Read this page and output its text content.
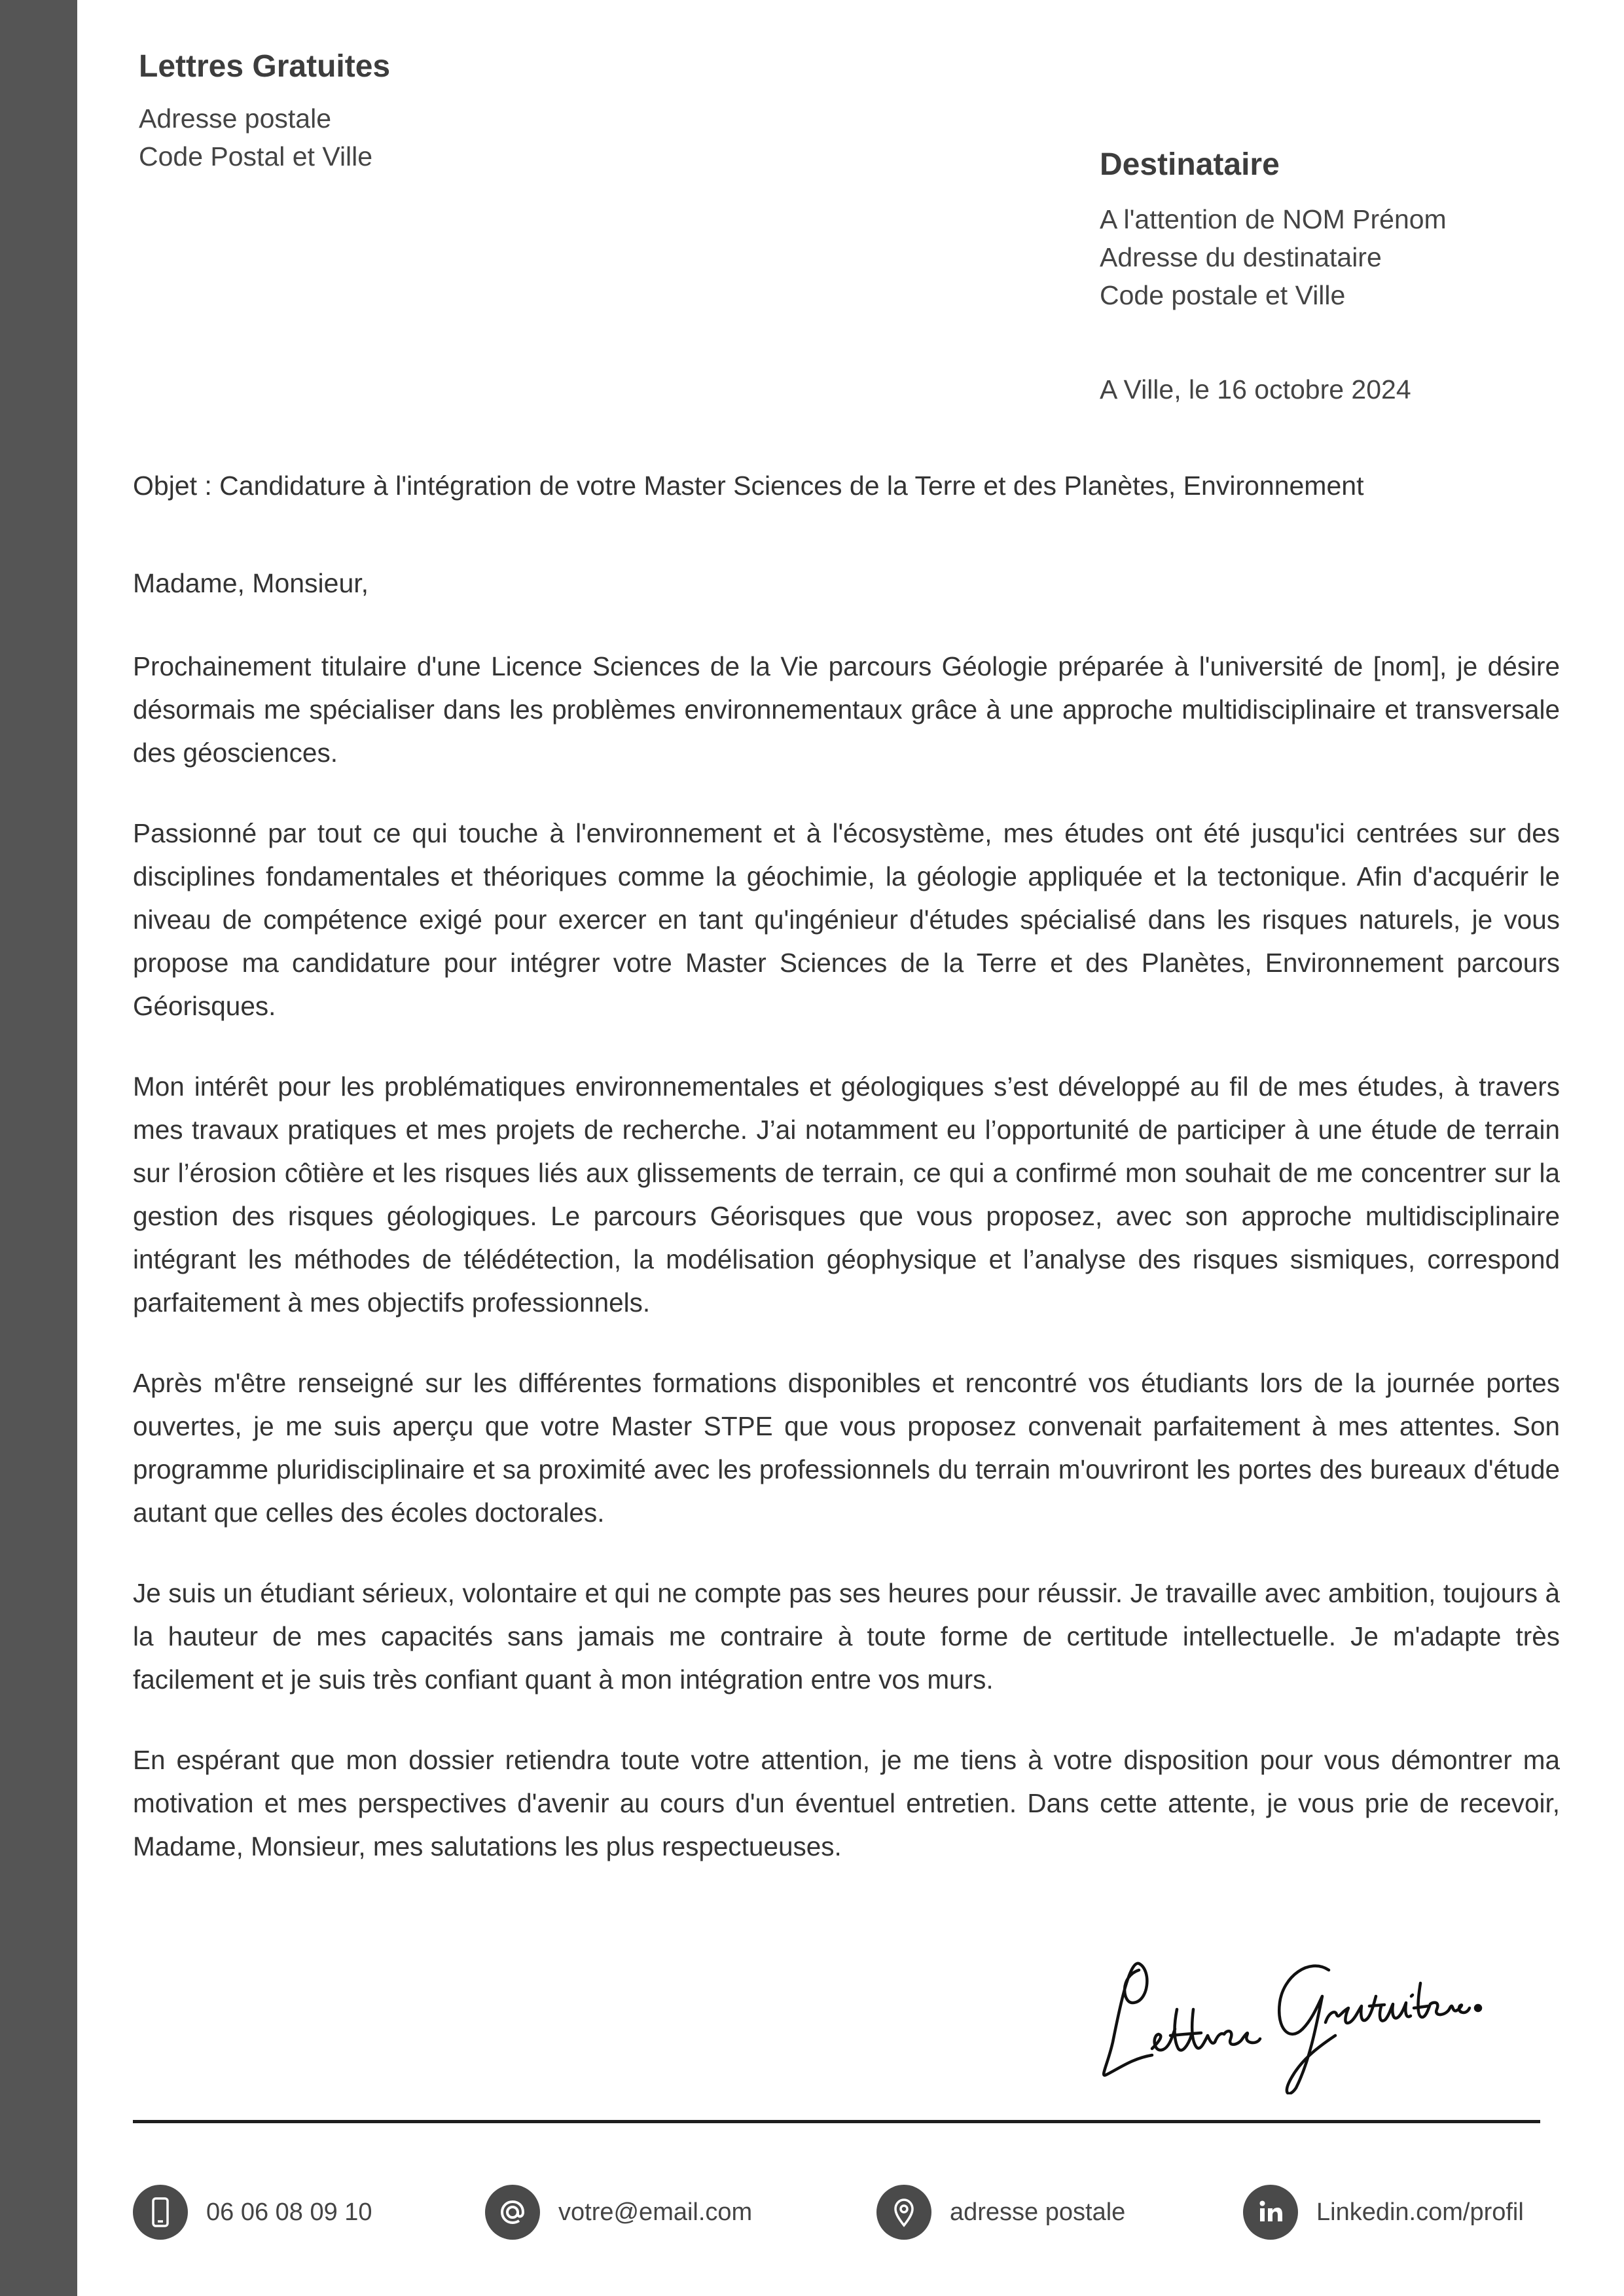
Lettres Gratuites
Adresse postale
Code Postal et Ville	Destinataire
A l'attention de NOM Prénom
Adresse du destinataire
Code postale et Ville
A Ville, le 16 octobre 2024
Objet : Candidature à l'intégration de votre Master Sciences de la Terre et des Planètes, Environnement
Madame, Monsieur,

Prochainement titulaire d'une Licence Sciences de la Vie parcours Géologie préparée à l'université de [nom], je désire désormais me spécialiser dans les problèmes environnementaux grâce à une approche multidisciplinaire et transversale des géosciences.

Passionné par tout ce qui touche à l'environnement et à l'écosystème, mes études ont été jusqu'ici centrées sur des disciplines fondamentales et théoriques comme la géochimie, la géologie appliquée et la tectonique. Afin d'acquérir le niveau de compétence exigé pour exercer en tant qu'ingénieur d'études spécialisé dans les risques naturels, je vous propose ma candidature pour intégrer votre Master Sciences de la Terre et des Planètes, Environnement parcours Géorisques.

Mon intérêt pour les problématiques environnementales et géologiques s’est développé au fil de mes études, à travers mes travaux pratiques et mes projets de recherche. J’ai notamment eu l’opportunité de participer à une étude de terrain sur l’érosion côtière et les risques liés aux glissements de terrain, ce qui a confirmé mon souhait de me concentrer sur la gestion des risques géologiques. Le parcours Géorisques que vous proposez, avec son approche multidisciplinaire intégrant les méthodes de télédétection, la modélisation géophysique et l’analyse des risques sismiques, correspond parfaitement à mes objectifs professionnels.

Après m'être renseigné sur les différentes formations disponibles et rencontré vos étudiants lors de la journée portes ouvertes, je me suis aperçu que votre Master STPE que vous proposez convenait parfaitement à mes attentes. Son programme pluridisciplinaire et sa proximité avec les professionnels du terrain m'ouvriront les portes des bureaux d'étude autant que celles des écoles doctorales.

Je suis un étudiant sérieux, volontaire et qui ne compte pas ses heures pour réussir. Je travaille avec ambition, toujours à la hauteur de mes capacités sans jamais me contraire à toute forme de certitude intellectuelle. Je m'adapte très facilement et je suis très confiant quant à mon intégration entre vos murs.

En espérant que mon dossier retiendra toute votre attention, je me tiens à votre disposition pour vous démontrer ma motivation et mes perspectives d'avenir au cours d'un éventuel entretien. Dans cette attente, je vous prie de recevoir, Madame, Monsieur, mes salutations les plus respectueuses.

06 06 08 09 10	votre@email.com	adresse postale	Linkedin.com/profil
